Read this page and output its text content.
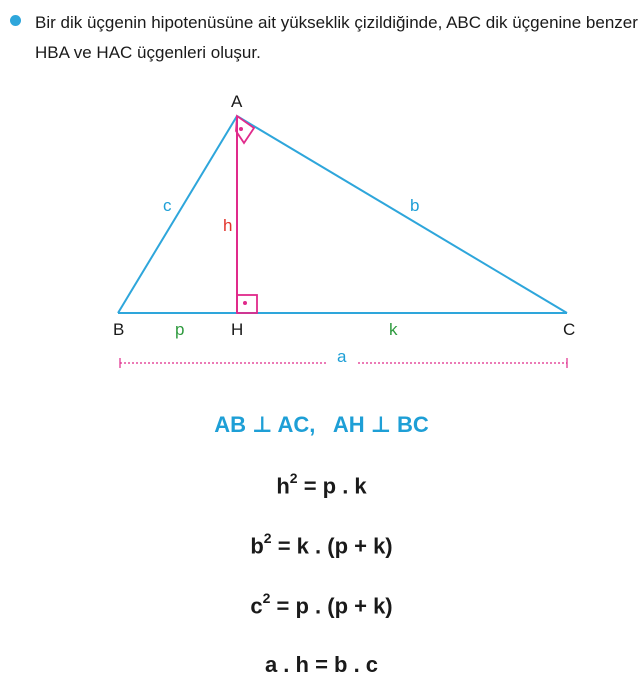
Bir dik üçgenin hipotenüsüne ait yükseklik çizildiğinde, ABC dik üçgenine benzer HBA ve HAC üçgenleri oluşur.
A
B	H	C
c	b
h
p	k
a
AB ⊥ AC,   AH ⊥ BC
$h^2 = p$ . k
$b^2 = k$ . (p + k)
$c^2 = p$ . (p + k)
a . h = b . c
